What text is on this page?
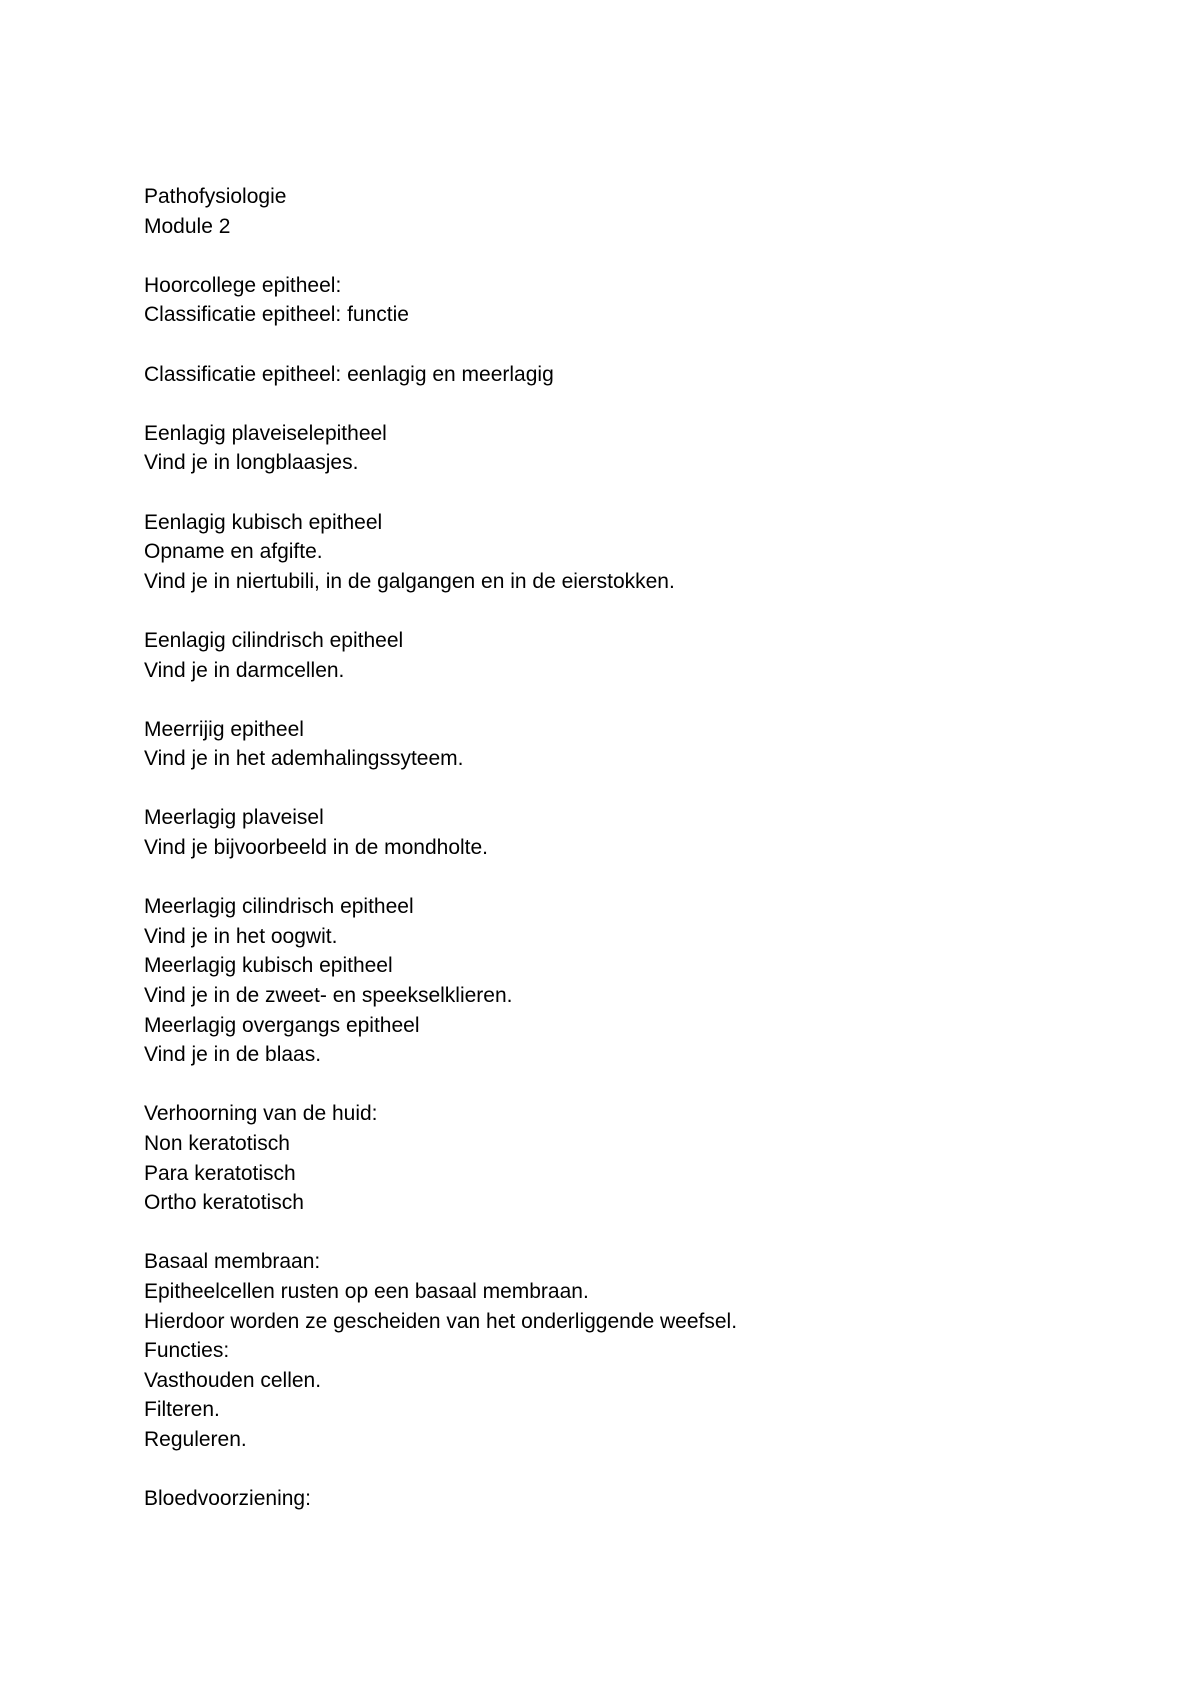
Pathofysiologie
Module 2
Hoorcollege epitheel:
Classificatie epitheel: functie
Classificatie epitheel: eenlagig en meerlagig
Eenlagig plaveiselepitheel
Vind je in longblaasjes.
Eenlagig kubisch epitheel
Opname en afgifte.
Vind je in niertubili, in de galgangen en in de eierstokken.
Eenlagig cilindrisch epitheel
Vind je in darmcellen.
Meerrijig epitheel
Vind je in het ademhalingssyteem.
Meerlagig plaveisel
Vind je bijvoorbeeld in de mondholte.
Meerlagig cilindrisch epitheel
Vind je in het oogwit.
Meerlagig kubisch epitheel
Vind je in de zweet- en speekselklieren.
Meerlagig overgangs epitheel
Vind je in de blaas.
Verhoorning van de huid:
Non keratotisch
Para keratotisch
Ortho keratotisch
Basaal membraan:
Epitheelcellen rusten op een basaal membraan.
Hierdoor worden ze gescheiden van het onderliggende weefsel.
Functies:
Vasthouden cellen.
Filteren.
Reguleren.
Bloedvoorziening:
